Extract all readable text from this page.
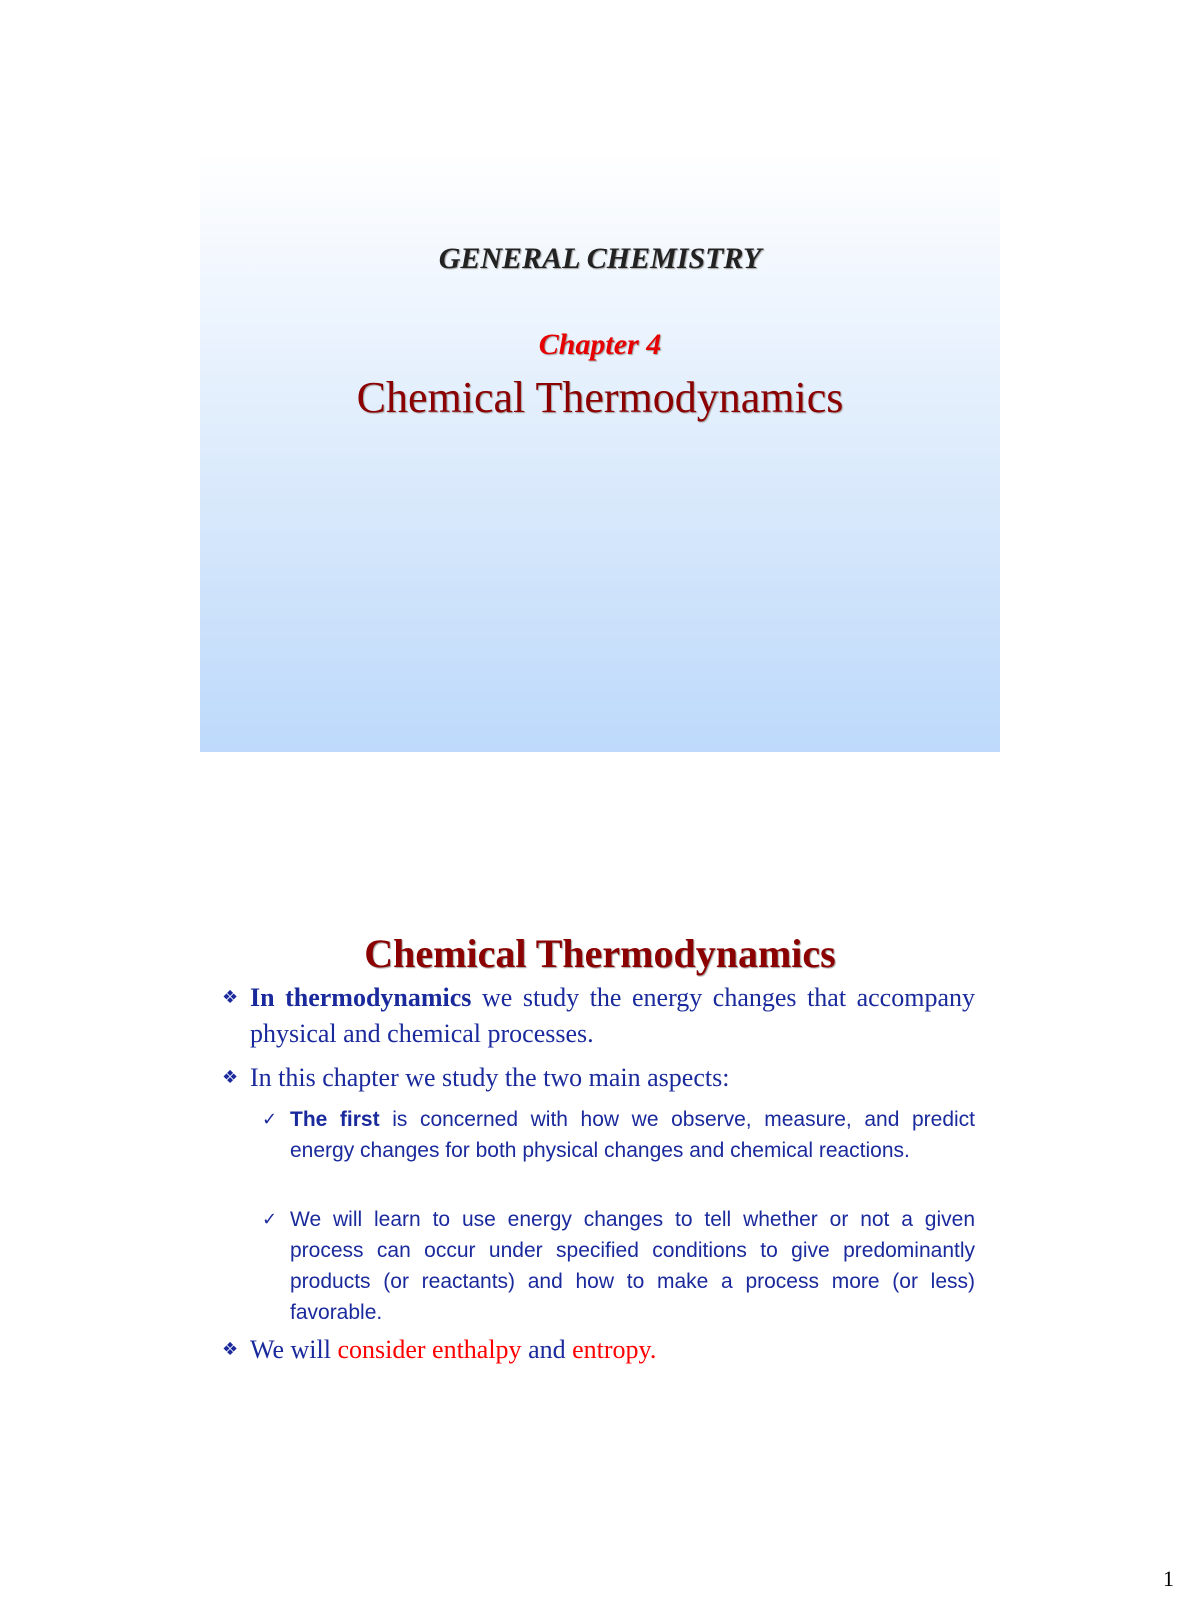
GENERAL CHEMISTRY
Chapter 4
Chemical Thermodynamics
Chemical Thermodynamics
❖ In thermodynamics we study the energy changes that accompany physical and chemical processes.
❖ In this chapter we study the two main aspects:
✓ The first is concerned with how we observe, measure, and predict energy changes for both physical changes and chemical reactions.
✓ We will learn to use energy changes to tell whether or not a given process can occur under specified conditions to give predominantly products (or reactants) and how to make a process more (or less) favorable.
❖ We will consider enthalpy and entropy.
1
